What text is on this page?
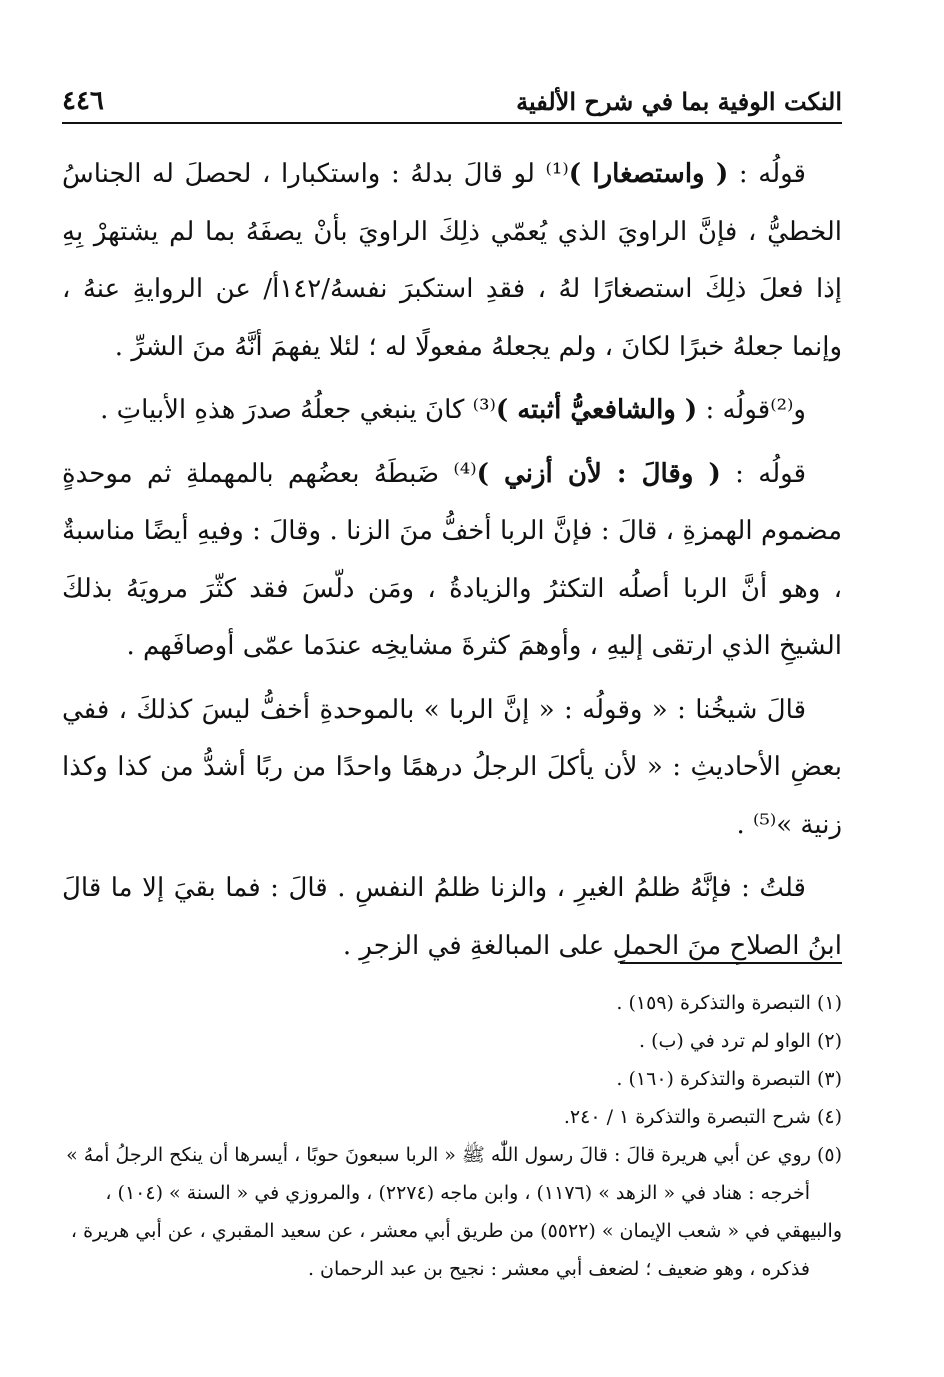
النكت الوفية بما في شرح الألفية
٤٤٦

قولُه : ( واستصغارا )⁽¹⁾ لو قالَ بدلهُ : واستكبارا ، لحصلَ له الجناسُ الخطيُّ ، فإنَّ الراويَ الذي يُعمّي ذلِكَ الراويَ بأنْ يصفَهُ بما لم يشتهرْ بِهِ إذا فعلَ ذلِكَ استصغارًا لهُ ، فقدِ استكبرَ نفسهُ/١٤٢أ/ عن الروايةِ عنهُ ، وإنما جعلهُ خبرًا لكانَ ، ولم يجعلهُ مفعولًا له ؛ لئلا يفهمَ أنَّهُ منَ الشرِّ .

و⁽²⁾قولُه : ( والشافعيُّ أثبته )⁽³⁾ كانَ ينبغي جعلُهُ صدرَ هذهِ الأبياتِ .

قولُه : ( وقالَ : لأن أزني )⁽⁴⁾ ضَبطَهُ بعضُهم بالمهملةِ ثم موحدةٍ مضموم الهمزةِ ، قالَ : فإنَّ الربا أخفُّ منَ الزنا . وقالَ : وفيهِ أيضًا مناسبةٌ ، وهو أنَّ الربا أصلُه التكثرُ والزيادةُ ، ومَن دلّسَ فقد كثّرَ مرويَهُ بذلكَ الشيخِ الذي ارتقى إليهِ ، وأوهمَ كثرةَ مشايخِه عندَما عمّى أوصافَهم .

قالَ شيخُنا : « وقولُه : « إنَّ الربا » بالموحدةِ أخفُّ ليسَ كذلكَ ، ففي بعضِ الأحاديثِ : « لأن يأكلَ الرجلُ درهمًا واحدًا من ربًا أشدُّ من كذا وكذا زنية »⁽⁵⁾ .

قلتُ : فإنَّهُ ظلمُ الغيرِ ، والزنا ظلمُ النفسِ . قالَ : فما بقيَ إلا ما قالَ ابنُ الصلاحِ منَ الحملِ على المبالغةِ في الزجرِ .

(١) التبصرة والتذكرة (١٥٩) .

(٢) الواو لم ترد في (ب) .

(٣) التبصرة والتذكرة (١٦٠) .

(٤) شرح التبصرة والتذكرة ١ / ٢٤٠.

(٥) روي عن أبي هريرة قالَ : قالَ رسول اللّٰه ﷺ « الربا سبعونَ حوبًا ، أيسرها أن ينكح الرجلُ أمهُ »

أخرجه : هناد في « الزهد » (١١٧٦) ، وابن ماجه (٢٢٧٤) ، والمروزي في « السنة » (١٠٤) ،

والبيهقي في « شعب الإيمان » (٥٥٢٢) من طريق أبي معشر ، عن سعيد المقبري ، عن أبي هريرة ،

فذكره ، وهو ضعيف ؛ لضعف أبي معشر : نجيح بن عبد الرحمان .
